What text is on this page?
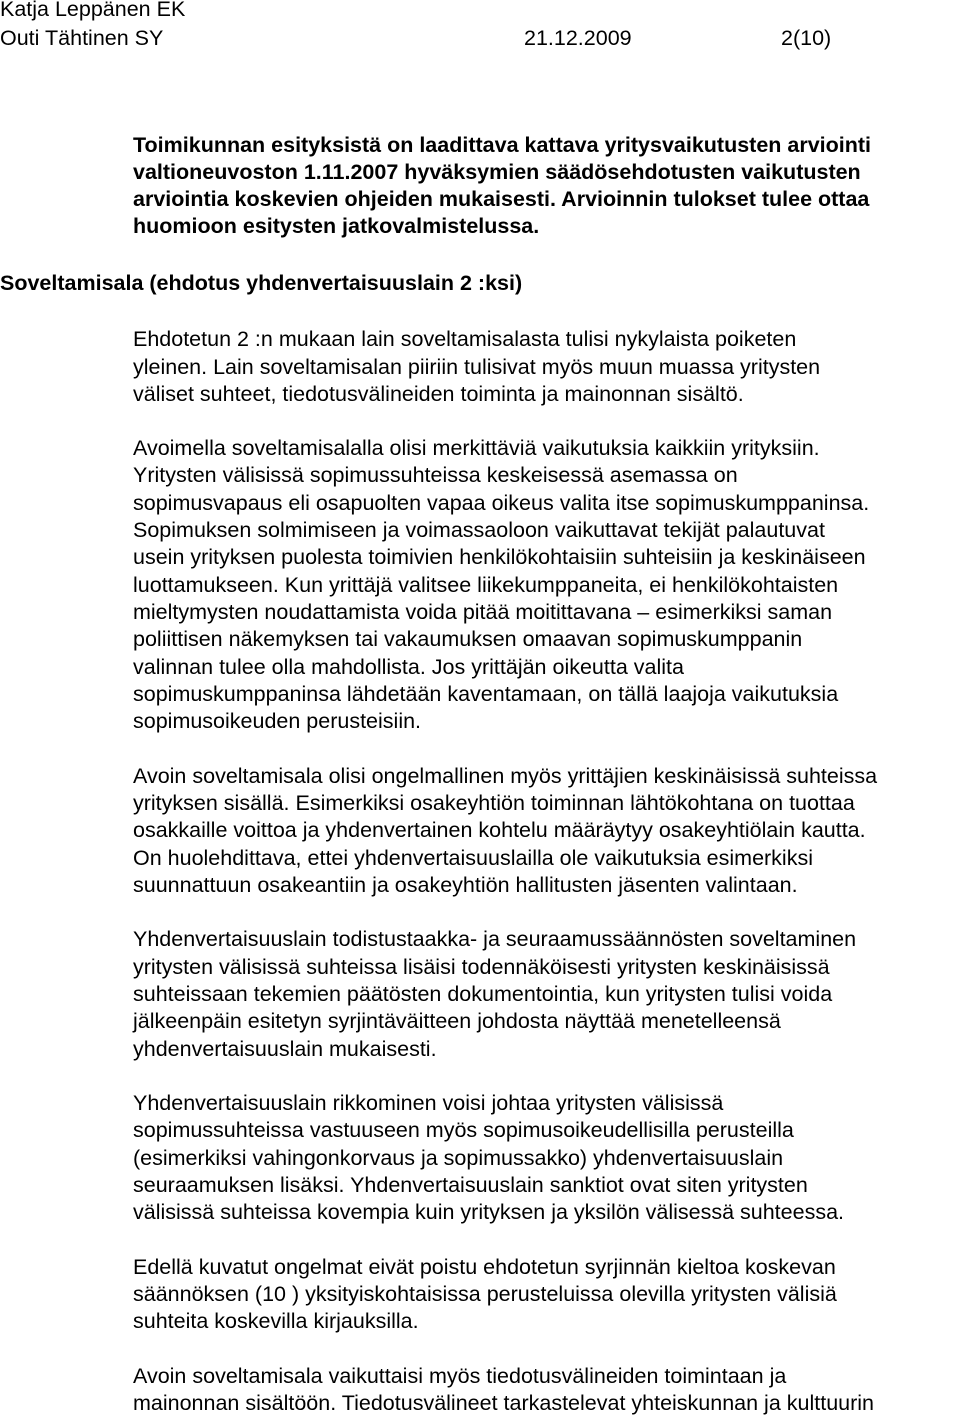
Katja Leppänen EK
Outi Tähtinen SY	21.12.2009	2(10)
Toimikunnan esityksistä on laadittava kattava yritysvaikutusten arviointi
valtioneuvoston 1.11.2007 hyväksymien säädösehdotusten vaikutusten
arviointia koskevien ohjeiden mukaisesti. Arvioinnin tulokset tulee ottaa
huomioon esitysten jatkovalmistelussa.
Soveltamisala (ehdotus yhdenvertaisuuslain 2 :ksi)
Ehdotetun 2 :n mukaan lain soveltamisalasta tulisi nykylaista poiketen
yleinen. Lain soveltamisalan piiriin tulisivat myös muun muassa yritysten
väliset suhteet, tiedotusvälineiden toiminta ja mainonnan sisältö.
Avoimella soveltamisalalla olisi merkittäviä vaikutuksia kaikkiin yrityksiin.
Yritysten välisissä sopimussuhteissa keskeisessä asemassa on
sopimusvapaus eli osapuolten vapaa oikeus valita itse sopimuskumppaninsa.
Sopimuksen solmimiseen ja voimassaoloon vaikuttavat tekijät palautuvat
usein yrityksen puolesta toimivien henkilökohtaisiin suhteisiin ja keskinäiseen
luottamukseen. Kun yrittäjä valitsee liikekumppaneita, ei henkilökohtaisten
mieltymysten noudattamista voida pitää moitittavana – esimerkiksi saman
poliittisen näkemyksen tai vakaumuksen omaavan sopimuskumppanin
valinnan tulee olla mahdollista. Jos yrittäjän oikeutta valita
sopimuskumppaninsa lähdetään kaventamaan, on tällä laajoja vaikutuksia
sopimusoikeuden perusteisiin.
Avoin soveltamisala olisi ongelmallinen myös yrittäjien keskinäisissä suhteissa
yrityksen sisällä. Esimerkiksi osakeyhtiön toiminnan lähtökohtana on tuottaa
osakkaille voittoa ja yhdenvertainen kohtelu määräytyy osakeyhtiölain kautta.
On huolehdittava, ettei yhdenvertaisuuslailla ole vaikutuksia esimerkiksi
suunnattuun osakeantiin ja osakeyhtiön hallitusten jäsenten valintaan.
Yhdenvertaisuuslain todistustaakka- ja seuraamussäännösten soveltaminen
yritysten välisissä suhteissa lisäisi todennäköisesti yritysten keskinäisissä
suhteissaan tekemien päätösten dokumentointia, kun yritysten tulisi voida
jälkeenpäin esitetyn syrjintäväitteen johdosta näyttää menetelleensä
yhdenvertaisuuslain mukaisesti.
Yhdenvertaisuuslain rikkominen voisi johtaa yritysten välisissä
sopimussuhteissa vastuuseen myös sopimusoikeudellisilla perusteilla
(esimerkiksi vahingonkorvaus ja sopimussakko) yhdenvertaisuuslain
seuraamuksen lisäksi. Yhdenvertaisuuslain sanktiot ovat siten yritysten
välisissä suhteissa kovempia kuin yrityksen ja yksilön välisessä suhteessa.
Edellä kuvatut ongelmat eivät poistu ehdotetun syrjinnän kieltoa koskevan
säännöksen (10 ) yksityiskohtaisissa perusteluissa olevilla yritysten välisiä
suhteita koskevilla kirjauksilla.
Avoin soveltamisala vaikuttaisi myös tiedotusvälineiden toimintaan ja
mainonnan sisältöön. Tiedotusvälineet tarkastelevat yhteiskunnan ja kulttuurin
